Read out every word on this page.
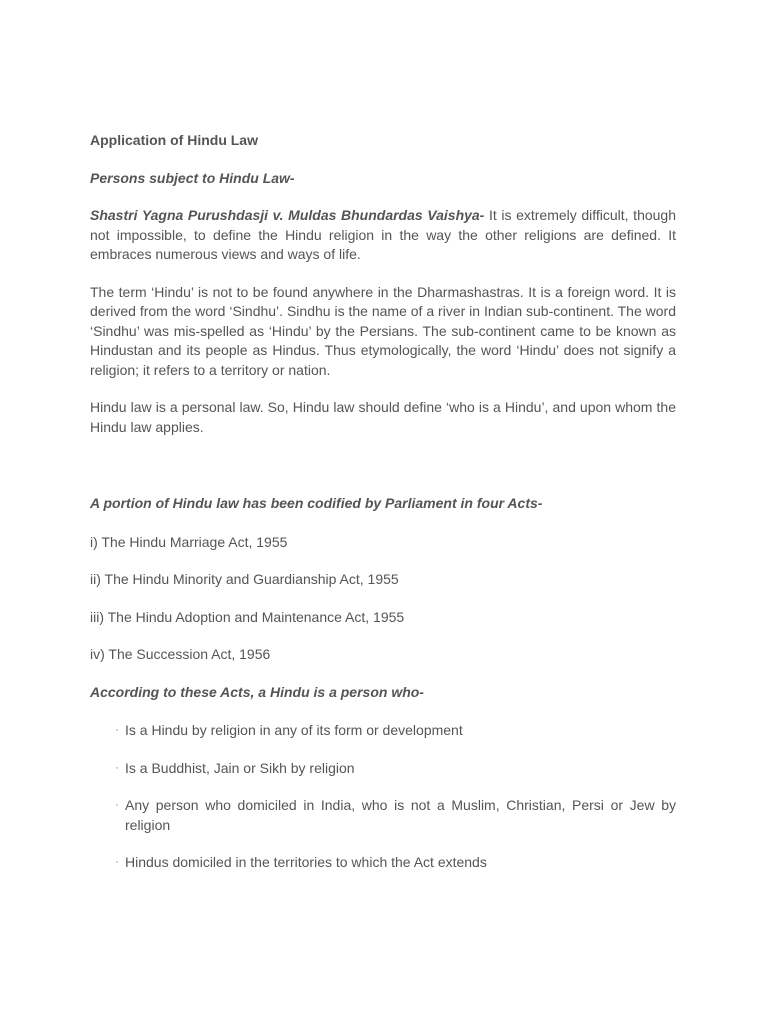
Application of Hindu Law

Persons subject to Hindu Law-

Shastri Yagna Purushdasji v. Muldas Bhundardas Vaishya- It is extremely difficult, though not impossible, to define the Hindu religion in the way the other religions are defined. It embraces numerous views and ways of life.

The term ‘Hindu’ is not to be found anywhere in the Dharmashastras. It is a foreign word. It is derived from the word ‘Sindhu’. Sindhu is the name of a river in Indian sub-continent. The word ‘Sindhu’ was mis-spelled as ‘Hindu’ by the Persians. The sub-continent came to be known as Hindustan and its people as Hindus. Thus etymologically, the word ‘Hindu’ does not signify a religion; it refers to a territory or nation.

Hindu law is a personal law. So, Hindu law should define ‘who is a Hindu’, and upon whom the Hindu law applies.

A portion of Hindu law has been codified by Parliament in four Acts-

i) The Hindu Marriage Act, 1955

ii) The Hindu Minority and Guardianship Act, 1955

iii) The Hindu Adoption and Maintenance Act, 1955

iv) The Succession Act, 1956

According to these Acts, a Hindu is a person who-

· Is a Hindu by religion in any of its form or development
· Is a Buddhist, Jain or Sikh by religion
· Any person who domiciled in India, who is not a Muslim, Christian, Persi or Jew by religion
· Hindus domiciled in the territories to which the Act extends
